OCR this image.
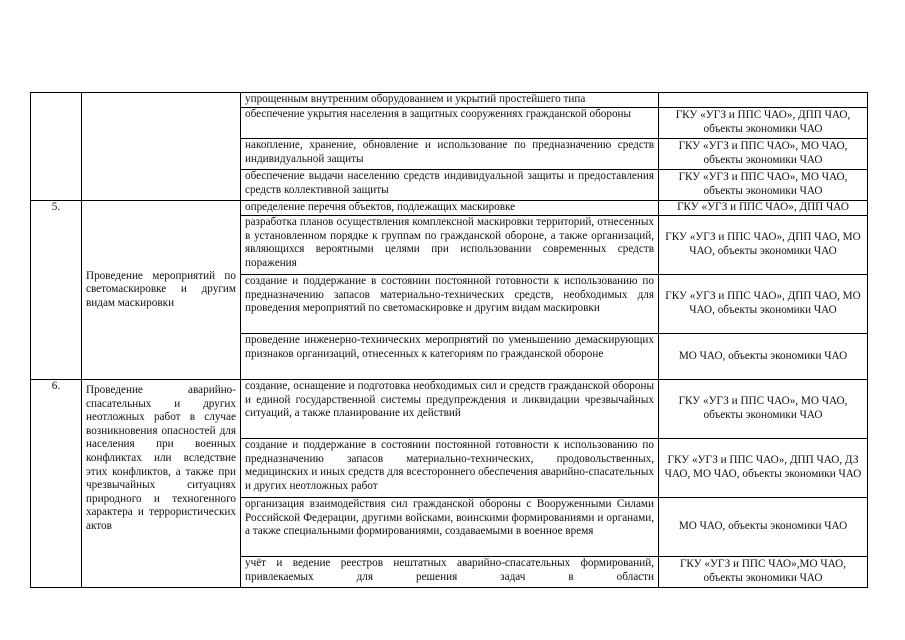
		упрощенным внутренним оборудованием и укрытий простейшего типа	
		обеспечение укрытия населения в защитных сооружениях гражданской обороны	ГКУ «УГЗ и ППС ЧАО», ДПП ЧАО, объекты экономики ЧАО
		накопление, хранение, обновление и использование по предназначению средств индивидуальной защиты	ГКУ «УГЗ и ППС ЧАО», МО ЧАО, объекты экономики ЧАО
		обеспечение выдачи населению средств индивидуальной защиты и предоставления средств коллективной защиты	ГКУ «УГЗ и ППС ЧАО», МО ЧАО, объекты экономики ЧАО
5.	Проведение мероприятий по светомаскировке и другим видам маскировки	определение перечня объектов, подлежащих маскировке	ГКУ «УГЗ и ППС ЧАО», ДПП ЧАО
		разработка планов осуществления комплексной маскировки территорий, отнесенных в установленном порядке к группам по гражданской обороне, а также организаций, являющихся вероятными целями при использовании современных средств поражения	ГКУ «УГЗ и ППС ЧАО», ДПП ЧАО, МО ЧАО, объекты экономики ЧАО
		создание и поддержание в состоянии постоянной готовности к использованию по предназначению запасов материально-технических средств, необходимых для проведения мероприятий по светомаскировке и другим видам маскировки	ГКУ «УГЗ и ППС ЧАО», ДПП ЧАО, МО ЧАО, объекты экономики ЧАО
		проведение инженерно-технических мероприятий по уменьшению демаскирующих признаков организаций, отнесенных к категориям по гражданской обороне	МО ЧАО, объекты экономики ЧАО
6.	Проведение аварийно-спасательных и других неотложных работ в случае возникновения опасностей для населения при военных конфликтах или вследствие этих конфликтов, а также при чрезвычайных ситуациях природного и техногенного характера и террористических актов	создание, оснащение и подготовка необходимых сил и средств гражданской обороны и единой государственной системы предупреждения и ликвидации чрезвычайных ситуаций, а также планирование их действий	ГКУ «УГЗ и ППС ЧАО», МО ЧАО, объекты экономики ЧАО
		создание и поддержание в состоянии постоянной готовности к использованию по предназначению запасов материально-технических, продовольственных, медицинских и иных средств для всестороннего обеспечения аварийно-спасательных и других неотложных работ	ГКУ «УГЗ и ППС ЧАО», ДПП ЧАО, ДЗ ЧАО, МО ЧАО, объекты экономики ЧАО
		организация взаимодействия сил гражданской обороны с Вооруженными Силами Российской Федерации, другими войсками, воинскими формированиями и органами, а также специальными формированиями, создаваемыми в военное время	МО ЧАО, объекты экономики ЧАО
		учёт и ведение реестров нештатных аварийно-спасательных формирований, привлекаемых для решения задач в области	ГКУ «УГЗ и ППС ЧАО»,МО ЧАО, объекты экономики ЧАО
